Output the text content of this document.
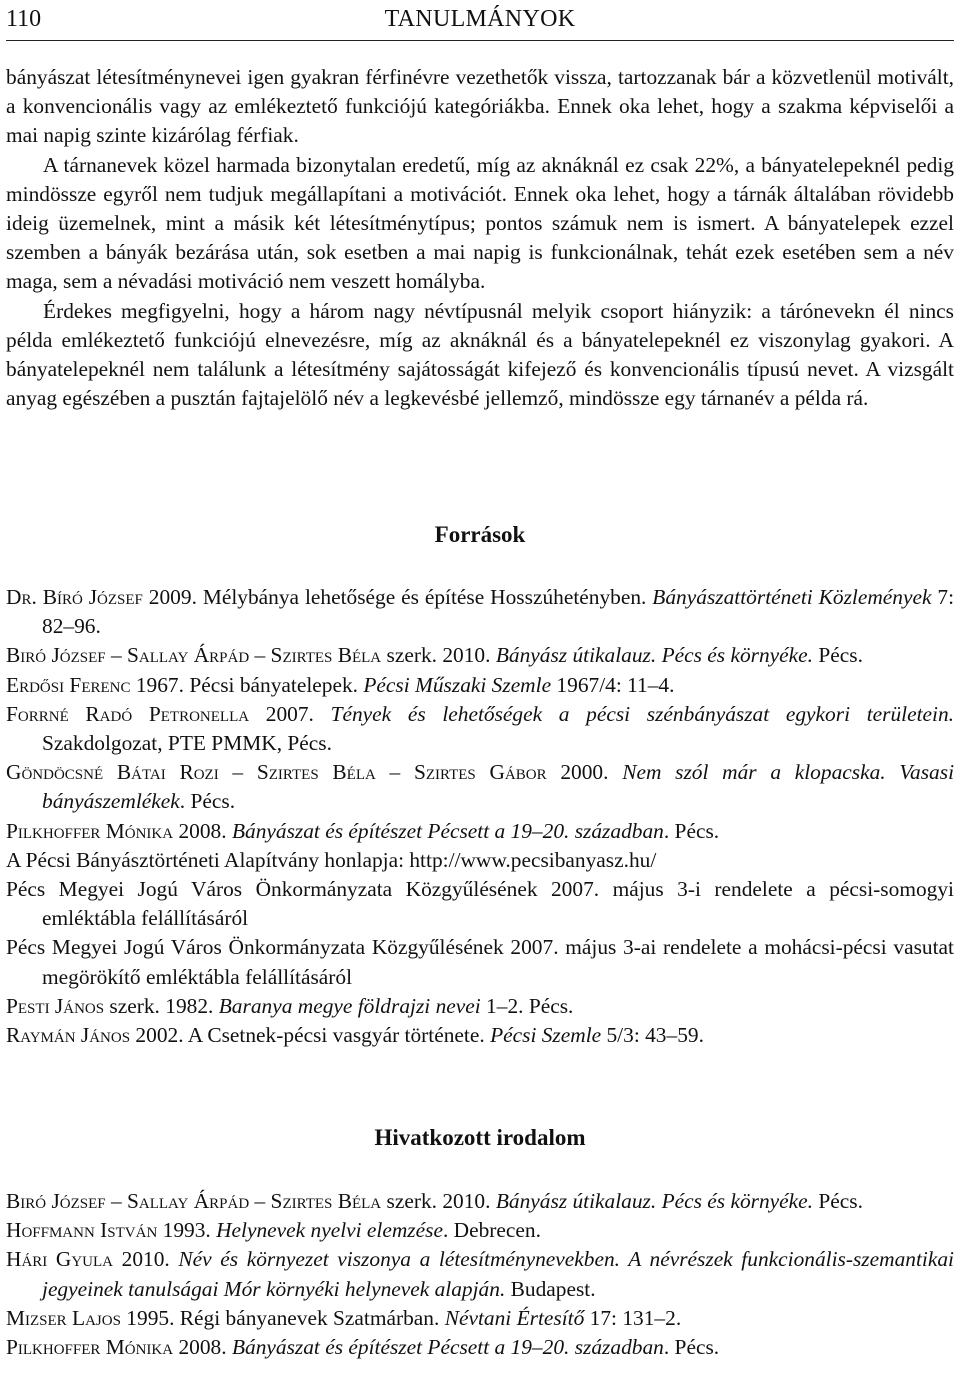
TANULMÁNYOK
110

bányászat létesítménynevei igen gyakran férfinévre vezethetők vissza, tartozzanak bár a közvetlenül motivált, a konvencionális vagy az emlékeztető funkciójú kategóriákba. Ennek oka lehet, hogy a szakma képviselői a mai napig szinte kizárólag férfiak.

A tárnanevek közel harmada bizonytalan eredetű, míg az aknáknál ez csak 22%, a bányatelepeknél pedig mindössze egyről nem tudjuk megállapítani a motivációt. Ennek oka lehet, hogy a tárnák általában rövidebb ideig üzemelnek, mint a másik két létesítménytípus; pontos számuk nem is ismert. A bányatelepek ezzel szemben a bányák bezárása után, sok esetben a mai napig is funkcionálnak, tehát ezek esetében sem a név maga, sem a névadási motiváció nem veszett homályba.

Érdekes megfigyelni, hogy a három nagy névtípusnál melyik csoport hiányzik: a tárónevekn él nincs példa emlékeztető funkciójú elnevezésre, míg az aknáknál és a bányatelepeknél ez viszonylag gyakori. A bányatelepeknél nem találunk a létesítmény sajátosságát kifejező és konvencionális típusú nevet. A vizsgált anyag egészében a pusztán fajtajelölő név a legkevésbé jellemző, mindössze egy tárnanév a példa rá.

Források
Dr. Bíró József 2009. Mélybánya lehetősége és építése Hosszúhetényben. Bányászattörténeti Közlemények 7: 82–96.
Biró József – Sallay Árpád – Szirtes Béla szerk. 2010. Bányász útikalauz. Pécs és környéke. Pécs.
Erdősi Ferenc 1967. Pécsi bányatelepek. Pécsi Műszaki Szemle 1967/4: 11–4.
Forrné Radó Petronella 2007. Tények és lehetőségek a pécsi szénbányászat egykori területein. Szakdolgozat, PTE PMMK, Pécs.
Göndöcsné Bátai Rozi – Szirtes Béla – Szirtes Gábor 2000. Nem szól már a klopacska. Vasasi bányászemlékek. Pécs.
Pilkhoffer Mónika 2008. Bányászat és építészet Pécsett a 19–20. században. Pécs.
A Pécsi Bányásztörténeti Alapítvány honlapja: http://www.pecsibanyasz.hu/
Pécs Megyei Jogú Város Önkormányzata Közgyűlésének 2007. május 3-i rendelete a pécsi-somogyi emléktábla felállításáról
Pécs Megyei Jogú Város Önkormányzata Közgyűlésének 2007. május 3-ai rendelete a mohácsi-pécsi vasutat megörökítő emléktábla felállításáról
Pesti János szerk. 1982. Baranya megye földrajzi nevei 1–2. Pécs.
Raymán János 2002. A Csetnek-pécsi vasgyár története. Pécsi Szemle 5/3: 43–59.
Hivatkozott irodalom
Biró József – Sallay Árpád – Szirtes Béla szerk. 2010. Bányász útikalauz. Pécs és környéke. Pécs.
Hoffmann István 1993. Helynevek nyelvi elemzése. Debrecen.
Hári Gyula 2010. Név és környezet viszonya a létesítménynevekben. A névrészek funkcionális-szemantikai jegyeinek tanulságai Mór környéki helynevek alapján. Budapest.
Mizser Lajos 1995. Régi bányanevek Szatmárban. Névtani Értesítő 17: 131–2.
Pilkhoffer Mónika 2008. Bányászat és építészet Pécsett a 19–20. században. Pécs.
